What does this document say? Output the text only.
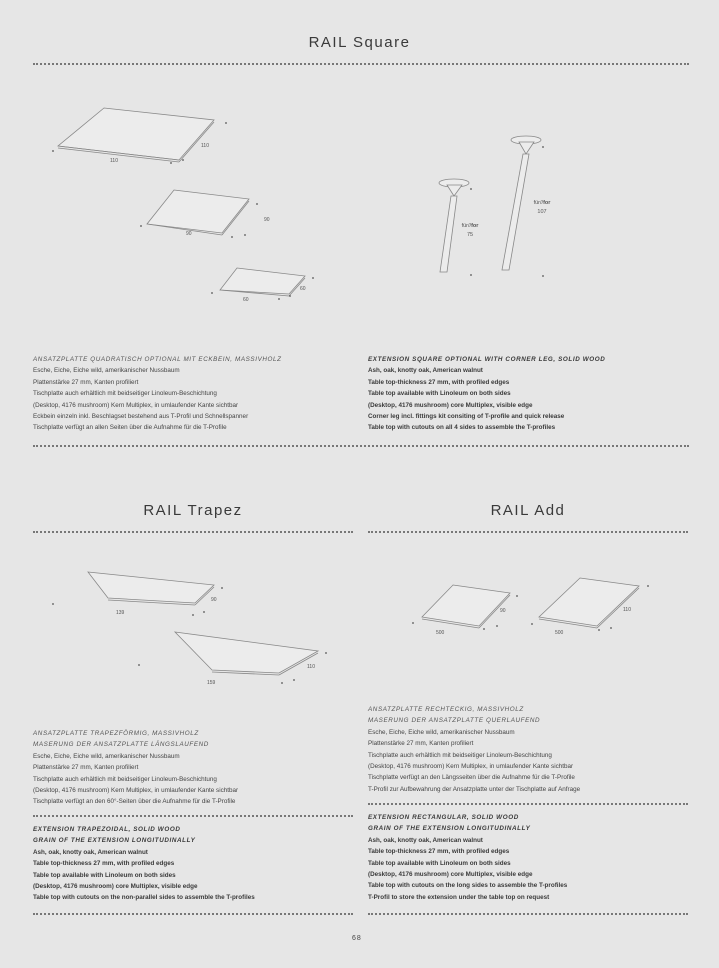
RAIL Square
110
110
90
90
60
60
für//for
75
für//for
107
ANSATZPLATTE QUADRATISCH OPTIONAL MIT ECKBEIN, MASSIVHOLZ
Esche, Eiche, Eiche wild, amerikanischer Nussbaum
Plattenstärke 27 mm, Kanten profiliert
Tischplatte auch erhältlich mit beidseitiger Linoleum-Beschichtung
(Desktop, 4176 mushroom) Kern Multiplex, in umlaufender Kante sichtbar
Eckbein einzeln inkl. Beschlagset bestehend aus T-Profil und Schnellspanner
Tischplatte verfügt an allen Seiten über die Aufnahme für die T-Profile
EXTENSION SQUARE OPTIONAL WITH CORNER LEG, SOLID WOOD
Ash, oak, knotty oak, American walnut
Table top-thickness 27 mm, with profiled edges
Table top available with Linoleum on both sides
(Desktop, 4176 mushroom) core Multiplex, visible edge
Corner leg incl. fittings kit consiting of T-profile and quick release
Table top with cutouts on all 4 sides to assemble the T-profiles
RAIL Trapez
90
139
110
159
ANSATZPLATTE TRAPEZFÖRMIG, MASSIVHOLZ
MASERUNG DER ANSATZPLATTE LÄNGSLAUFEND
Esche, Eiche, Eiche wild, amerikanischer Nussbaum
Plattenstärke 27 mm, Kanten profiliert
Tischplatte auch erhältlich mit beidseitiger Linoleum-Beschichtung
(Desktop, 4176 mushroom) Kern Multiplex, in umlaufender Kante sichtbar
Tischplatte verfügt an den 60°-Seiten über die Aufnahme für die T-Profile
EXTENSION TRAPEZOIDAL, SOLID WOOD
GRAIN OF THE EXTENSION LONGITUDINALLY
Ash, oak, knotty oak, American walnut
Table top-thickness 27 mm, with profiled edges
Table top available with Linoleum on both sides
(Desktop, 4176 mushroom) core Multiplex, visible edge
Table top with cutouts on the non-parallel sides to assemble the T-profiles
RAIL Add
90
500
110
500
ANSATZPLATTE RECHTECKIG, MASSIVHOLZ
MASERUNG DER ANSATZPLATTE QUERLAUFEND
Esche, Eiche, Eiche wild, amerikanischer Nussbaum
Plattenstärke 27 mm, Kanten profiliert
Tischplatte auch erhältlich mit beidseitiger Linoleum-Beschichtung
(Desktop, 4176 mushroom) Kern Multiplex, in umlaufender Kante sichtbar
Tischplatte verfügt an den Längsseiten über die Aufnahme für die T-Profile
T-Profil zur Aufbewahrung der Ansatzplatte unter der Tischplatte auf Anfrage
EXTENSION RECTANGULAR, SOLID WOOD
GRAIN OF THE EXTENSION LONGITUDINALLY
Ash, oak, knotty oak, American walnut
Table top-thickness 27 mm, with profiled edges
Table top available with Linoleum on both sides
(Desktop, 4176 mushroom) core Multiplex, visible edge
Table top with cutouts on the long sides to assemble the T-profiles
T-Profil to store the extension under the table top on request
68
